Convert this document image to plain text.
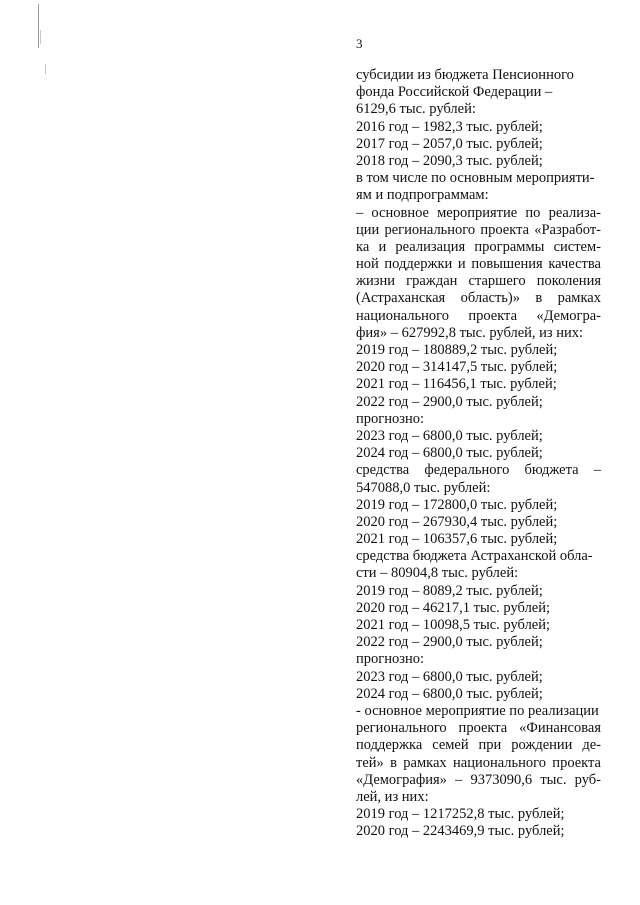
3
субсидии из бюджета Пенсионного
фонда Российской Федерации –
6129,6 тыс. рублей:
2016 год – 1982,3 тыс. рублей;
2017 год – 2057,0 тыс. рублей;
2018 год – 2090,3 тыс. рублей;
в том числе по основным мероприяти-
ям и подпрограммам:
– основное мероприятие по реализа-
ции регионального проекта «Разработ-
ка и реализация программы систем-
ной поддержки и повышения качества
жизни граждан старшего поколения
(Астраханская область)» в рамках
национального проекта «Демогра-
фия» – 627992,8 тыс. рублей, из них:
2019 год – 180889,2 тыс. рублей;
2020 год – 314147,5 тыс. рублей;
2021 год – 116456,1 тыс. рублей;
2022 год – 2900,0 тыс. рублей;
прогнозно:
2023 год – 6800,0 тыс. рублей;
2024 год – 6800,0 тыс. рублей;
средства федерального бюджета –
547088,0 тыс. рублей:
2019 год – 172800,0 тыс. рублей;
2020 год – 267930,4 тыс. рублей;
2021 год – 106357,6 тыс. рублей;
средства бюджета Астраханской обла-
сти – 80904,8 тыс. рублей:
2019 год – 8089,2 тыс. рублей;
2020 год – 46217,1 тыс. рублей;
2021 год – 10098,5 тыс. рублей;
2022 год – 2900,0 тыс. рублей;
прогнозно:
2023 год – 6800,0 тыс. рублей;
2024 год – 6800,0 тыс. рублей;
- основное мероприятие по реализации
регионального проекта «Финансовая
поддержка семей при рождении де-
тей» в рамках национального проекта
«Демография» – 9373090,6 тыс. руб-
лей, из них:
2019 год – 1217252,8 тыс. рублей;
2020 год – 2243469,9 тыс. рублей;
